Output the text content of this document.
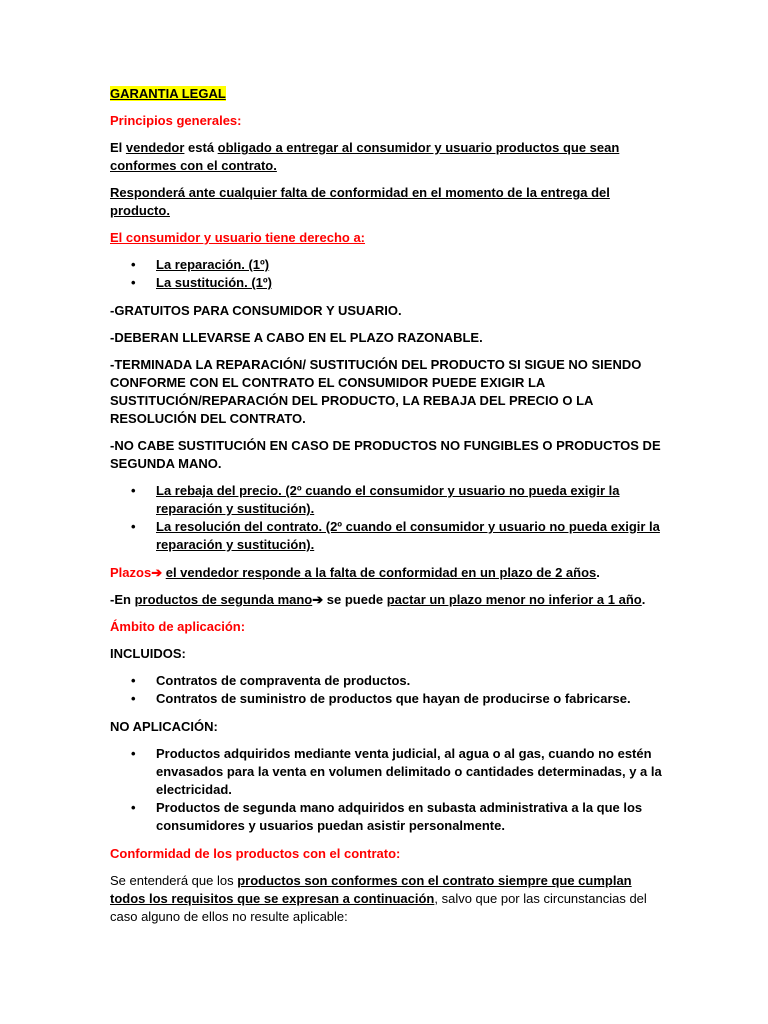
GARANTIA LEGAL

Principios generales:

El vendedor está obligado a entregar al consumidor y usuario productos que sean conformes con el contrato.

Responderá ante cualquier falta de conformidad en el momento de la entrega del producto.

El consumidor y usuario tiene derecho a:

• La reparación. (1º)
• La sustitución. (1º)

-GRATUITOS PARA CONSUMIDOR Y USUARIO.

-DEBERAN LLEVARSE A CABO EN EL PLAZO RAZONABLE.

-TERMINADA LA REPARACIÓN/ SUSTITUCIÓN DEL PRODUCTO SI SIGUE NO SIENDO CONFORME CON EL CONTRATO EL CONSUMIDOR PUEDE EXIGIR LA SUSTITUCIÓN/REPARACIÓN DEL PRODUCTO, LA REBAJA DEL PRECIO O LA RESOLUCIÓN DEL CONTRATO.

-NO CABE SUSTITUCIÓN EN CASO DE PRODUCTOS NO FUNGIBLES O PRODUCTOS DE SEGUNDA MANO.

• La rebaja del precio. (2º cuando el consumidor y usuario no pueda exigir la reparación y sustitución).
• La resolución del contrato. (2º cuando el consumidor y usuario no pueda exigir la reparación y sustitución).

Plazos➔ el vendedor responde a la falta de conformidad en un plazo de 2 años.

-En productos de segunda mano➔ se puede pactar un plazo menor no inferior a 1 año.

Ámbito de aplicación:

INCLUIDOS:

• Contratos de compraventa de productos.
• Contratos de suministro de productos que hayan de producirse o fabricarse.

NO APLICACIÓN:

• Productos adquiridos mediante venta judicial, al agua o al gas, cuando no estén envasados para la venta en volumen delimitado o cantidades determinadas, y a la electricidad.
• Productos de segunda mano adquiridos en subasta administrativa a la que los consumidores y usuarios puedan asistir personalmente.

Conformidad de los productos con el contrato:

Se entenderá que los productos son conformes con el contrato siempre que cumplan todos los requisitos que se expresan a continuación, salvo que por las circunstancias del caso alguno de ellos no resulte aplicable:
